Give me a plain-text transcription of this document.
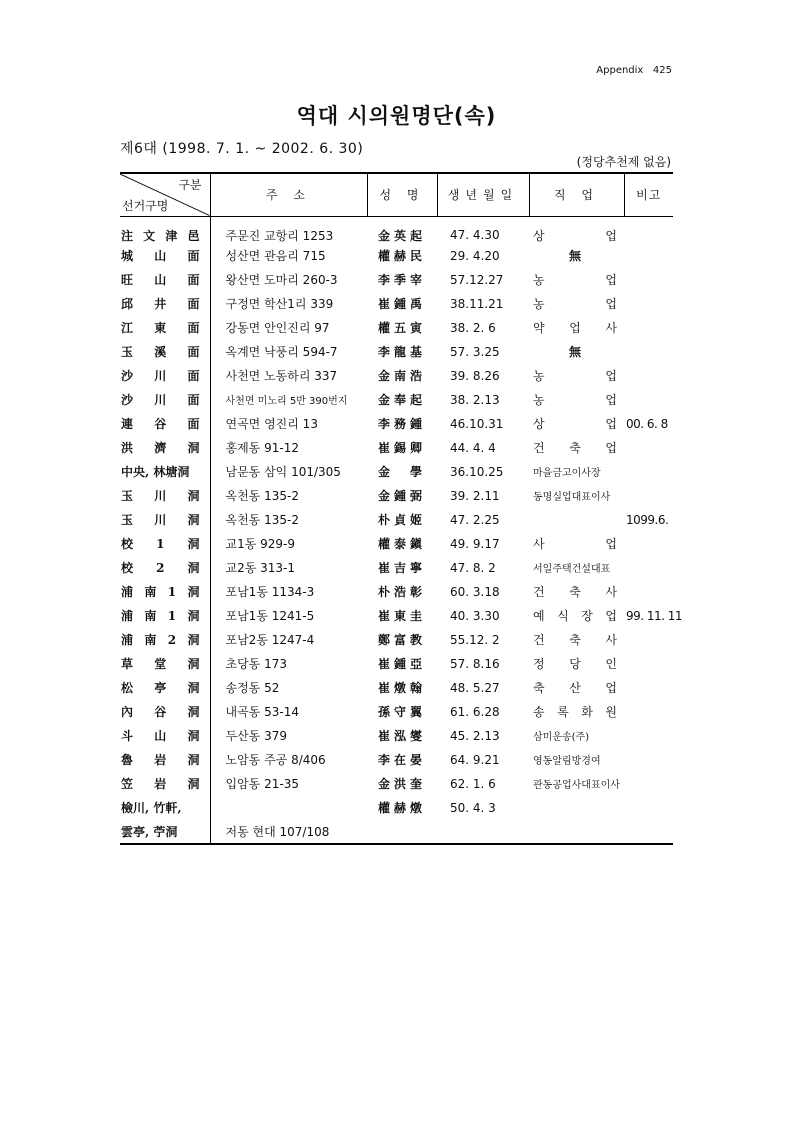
Appendix 425
역대 시의원명단(속)
제6대 (1998. 7. 1. ~ 2002. 6. 30)
(정당추천제 없음)
구분
선거구명	주 소	성 명	생년월일	직 업	비고
注文津邑	주문진 교항리 1253	金英起	47. 4.30	상 업	
城山面	성산면 관음리 715	權赫民	29. 4.20	無	
旺山面	왕산면 도마리 260-3	李季宰	57.12.27	농 업	
邱井面	구정면 학산1리 339	崔鍾禹	38.11.21	농 업	
江東面	강동면 안인진리 97	權五寅	38. 2. 6	약 업 사	
玉溪面	옥계면 낙풍리 594-7	李龍基	57. 3.25	無	
沙川面	사천면 노동하리 337	金南浩	39. 8.26	농 업	
沙川面	사천면 미노리 5반 390번지	金奉起	38. 2.13	농 업	
連谷面	연곡면 영진리 13	李務鍾	46.10.31	상 업	00. 6. 8
洪濟洞	홍제동 91-12	崔錫卿	44. 4. 4	건 축 업	
中央, 林塘洞	남문동 삼익 101/305	金 學	36.10.25	마을금고이사장	
玉川洞	옥천동 135-2	金鍾弼	39. 2.11	동명실업대표이사	
玉川洞	옥천동 135-2	朴貞姬	47. 2.25		1099.6.
校1洞	교1동 929-9	權泰鎭	49. 9.17	사 업	
校2洞	교2동 313-1	崔吉寧	47. 8. 2	서일주택건설대표	
浦南1洞	포남1동 1134-3	朴浩彰	60. 3.18	건 축 사	
浦南1洞	포남1동 1241-5	崔東圭	40. 3.30	예 식 장 업	99. 11. 11
浦南2洞	포남2동 1247-4	鄭富教	55.12. 2	건 축 사	
草堂洞	초당동 173	崔鍾亞	57. 8.16	정 당 인	
松亭洞	송정동 52	崔燉翰	48. 5.27	축 산 업	
內谷洞	내곡동 53-14	孫守翼	61. 6.28	송 록 화 원	
斗山洞	두산동 379	崔泓燮	45. 2.13	삼미운송(주)	
魯岩洞	노암동 주공 8/406	李在晏	64. 9.21	영동알림방경여	
笠岩洞	입암동 21-35	金洪奎	62. 1. 6	관동공업사대표이사	
檢川, 竹軒,		權赫燉	50. 4. 3		
雲亭, 苧洞	저동 현대 107/108				
